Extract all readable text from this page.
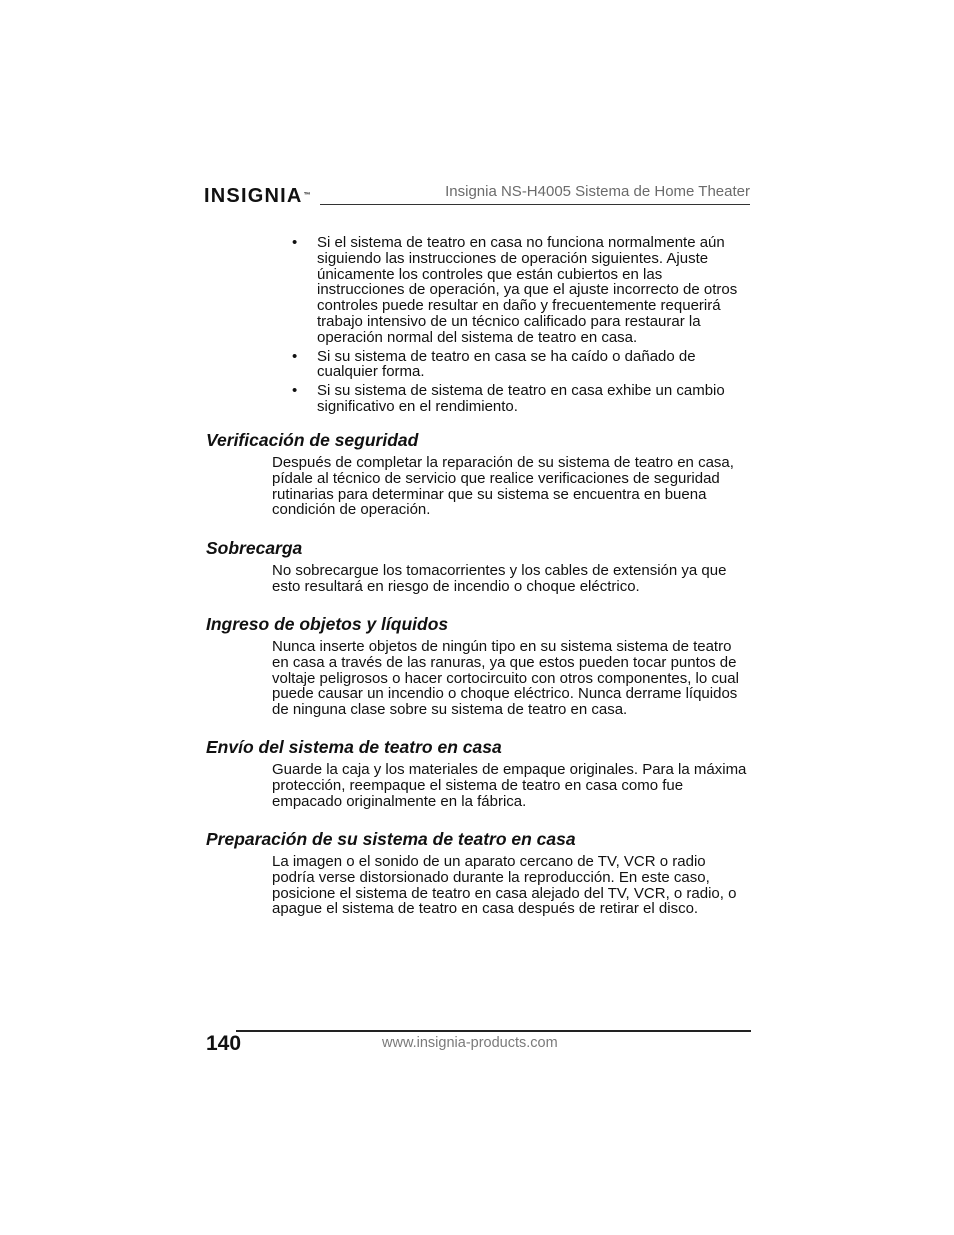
INSIGNIA™	Insignia NS-H4005 Sistema de Home Theater
• Si el sistema de teatro en casa no funciona normalmente aún siguiendo las instrucciones de operación siguientes. Ajuste únicamente los controles que están cubiertos en las instrucciones de operación, ya que el ajuste incorrecto de otros controles puede resultar en daño y frecuentemente requerirá trabajo intensivo de un técnico calificado para restaurar la operación normal del sistema de teatro en casa.
• Si su sistema de teatro en casa se ha caído o dañado de cualquier forma.
• Si su sistema de sistema de teatro en casa exhibe un cambio significativo en el rendimiento.
Verificación de seguridad

Después de completar la reparación de su sistema de teatro en casa, pídale al técnico de servicio que realice verificaciones de seguridad rutinarias para determinar que su sistema se encuentra en buena condición de operación.

Sobrecarga

No sobrecargue los tomacorrientes y los cables de extensión ya que esto resultará en riesgo de incendio o choque eléctrico.

Ingreso de objetos y líquidos

Nunca inserte objetos de ningún tipo en su sistema sistema de teatro en casa a través de las ranuras, ya que estos pueden tocar puntos de voltaje peligrosos o hacer cortocircuito con otros componentes, lo cual puede causar un incendio o choque eléctrico. Nunca derrame líquidos de ninguna clase sobre su sistema de teatro en casa.

Envío del sistema de teatro en casa

Guarde la caja y los materiales de empaque originales. Para la máxima protección, reempaque el sistema de teatro en casa como fue empacado originalmente en la fábrica.

Preparación de su sistema de teatro en casa

La imagen o el sonido de un aparato cercano de TV, VCR o radio podría verse distorsionado durante la reproducción. En este caso, posicione el sistema de teatro en casa alejado del TV, VCR, o radio, o apague el sistema de teatro en casa después de retirar el disco.

140	www.insignia-products.com
